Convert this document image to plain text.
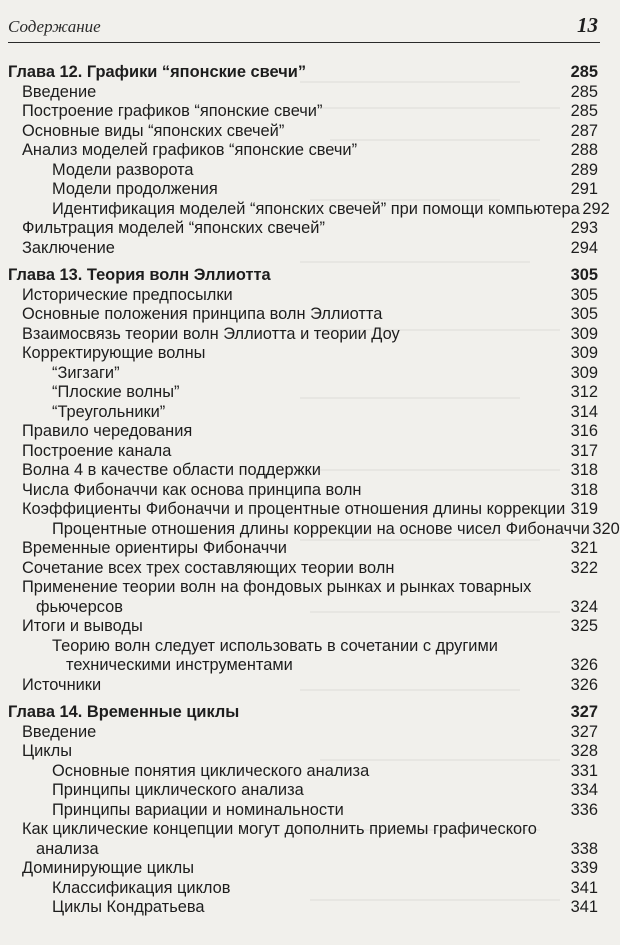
Содержание	13
Глава 12. Графики “японские свечи”	285
Введение	285
Построение графиков “японские свечи”	285
Основные виды “японских свечей”	287
Анализ моделей графиков “японские свечи”	288
Модели разворота	289
Модели продолжения	291
Идентификация моделей “японских свечей” при помощи компьютера 292
Фильтрация моделей “японских свечей”	293
Заключение	294
Глава 13. Теория волн Эллиотта	305
Исторические предпосылки	305
Основные положения принципа волн Эллиотта	305
Взаимосвязь теории волн Эллиотта и теории Доу	309
Корректирующие волны	309
“Зигзаги”	309
“Плоские волны”	312
“Треугольники”	314
Правило чередования	316
Построение канала	317
Волна 4 в качестве области поддержки	318
Числа Фибоначчи как основа принципа волн	318
Коэффициенты Фибоначчи и процентные отношения длины коррекции 319
Процентные отношения длины коррекции на основе чисел Фибоначчи 320
Временные ориентиры Фибоначчи	321
Сочетание всех трех составляющих теории волн	322
Применение теории волн на фондовых рынках и рынках товарных
фьючерсов	324
Итоги и выводы	325
Теорию волн следует использовать в сочетании с другими
техническими инструментами	326
Источники	326
Глава 14. Временные циклы	327
Введение	327
Циклы	328
Основные понятия циклического анализа	331
Принципы циклического анализа	334
Принципы вариации и номинальности	336
Как циклические концепции могут дополнить приемы графического
анализа	338
Доминирующие циклы	339
Классификация циклов	341
Циклы Кондратьева	341
